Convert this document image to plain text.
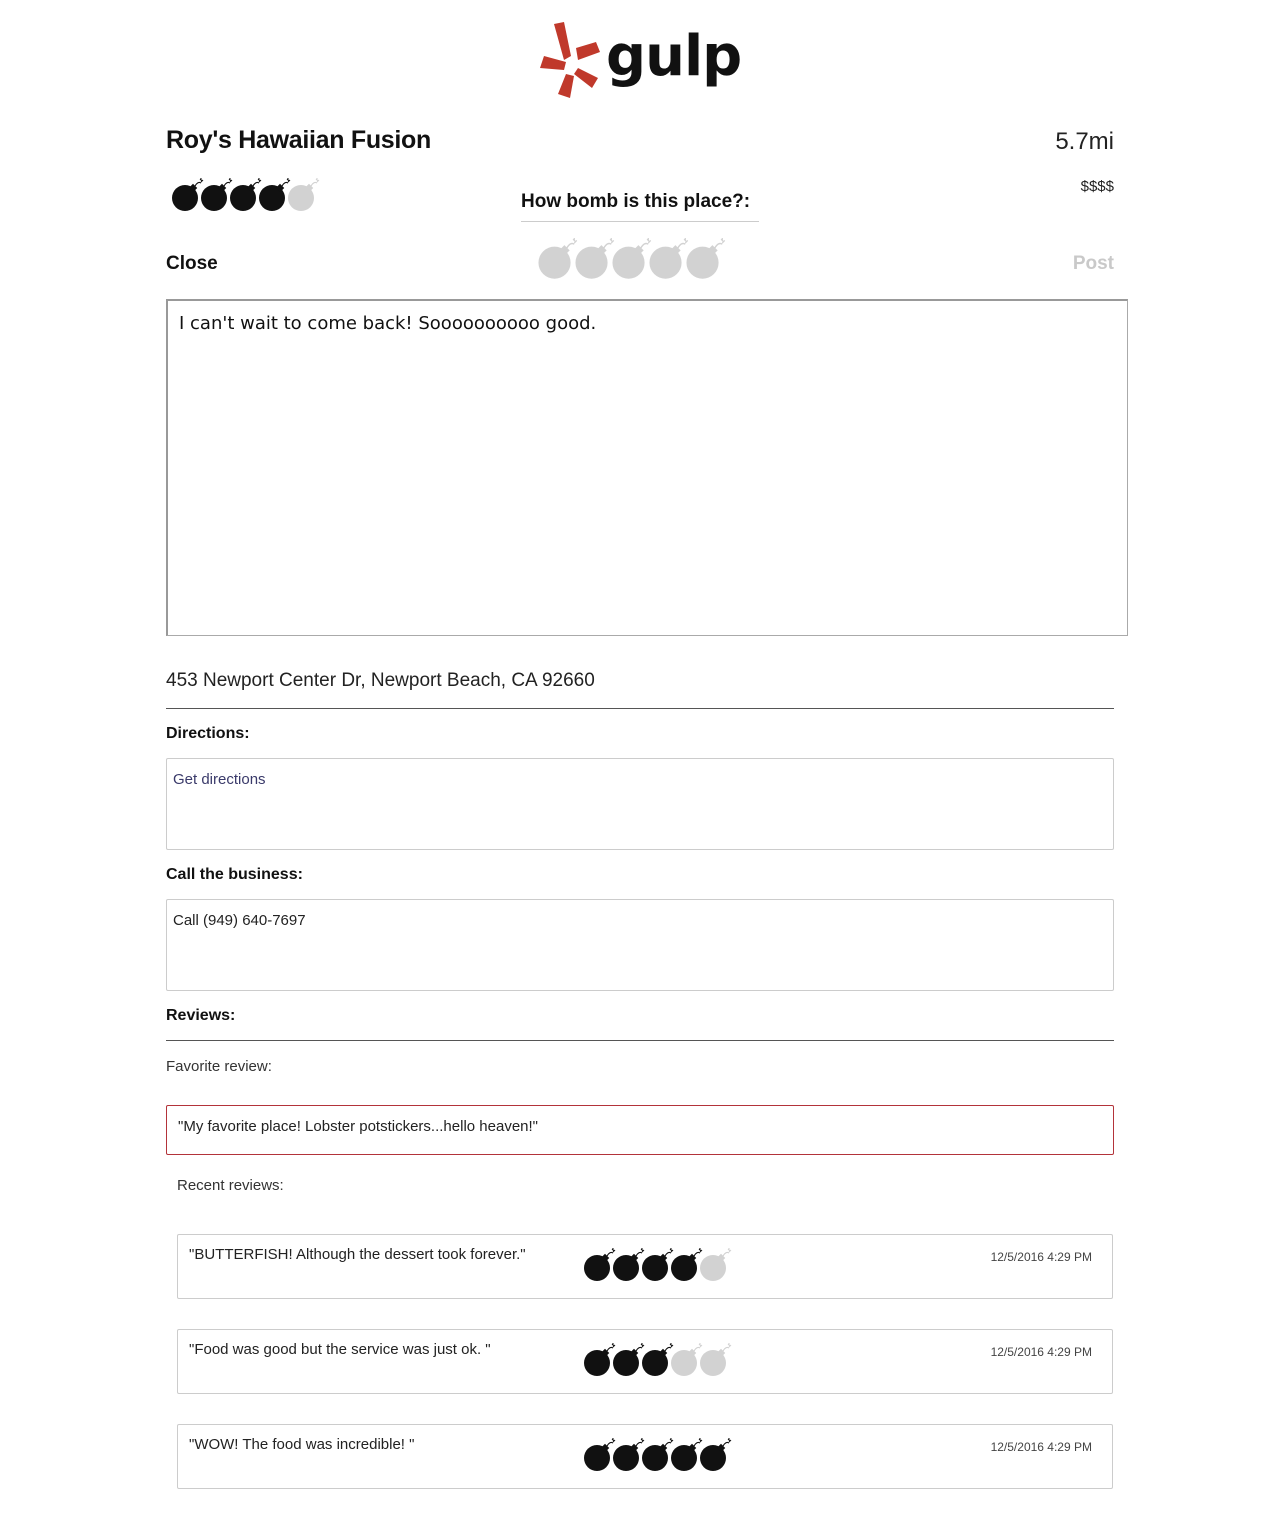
gulp
Roy's Hawaiian Fusion	5.7mi
$$$$
How bomb is this place?:
Close	Post
I can't wait to come back! Soooooooooo good.
453 Newport Center Dr, Newport Beach, CA 92660
Directions:
Get directions
Call the business:
Call (949) 640-7697
Reviews:
Favorite review:
"My favorite place! Lobster potstickers...hello heaven!"
Recent reviews:
"BUTTERFISH! Although the dessert took forever."	12/5/2016 4:29 PM
"Food was good but the service was just ok. "	12/5/2016 4:29 PM
"WOW! The food was incredible! "	12/5/2016 4:29 PM
